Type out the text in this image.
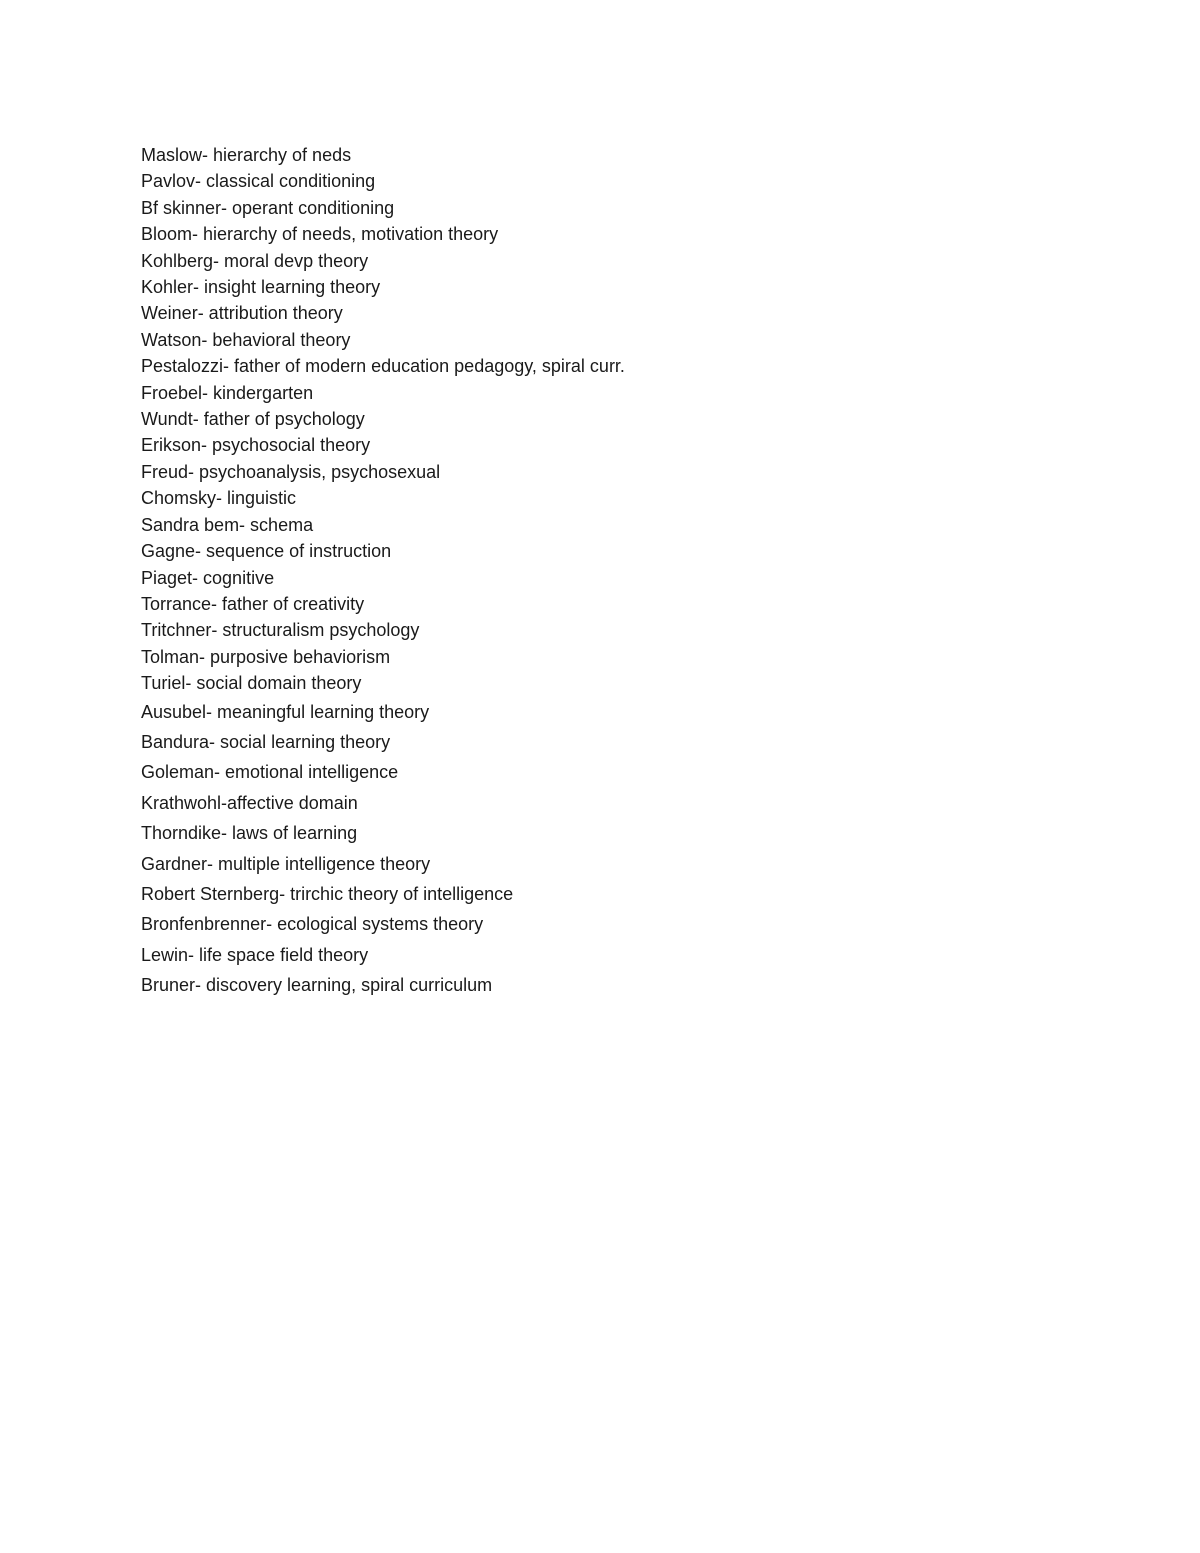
Maslow- hierarchy of neds
Pavlov- classical conditioning
Bf skinner- operant conditioning
Bloom- hierarchy of needs, motivation theory
Kohlberg- moral devp theory
Kohler- insight learning theory
Weiner- attribution theory
Watson- behavioral theory
Pestalozzi- father of modern education pedagogy, spiral curr.
Froebel- kindergarten
Wundt- father of psychology
Erikson- psychosocial theory
Freud- psychoanalysis, psychosexual
Chomsky- linguistic
Sandra bem- schema
Gagne- sequence of instruction
Piaget- cognitive
Torrance- father of creativity
Tritchner- structuralism psychology
Tolman- purposive behaviorism
Turiel- social domain theory
Ausubel- meaningful learning theory
Bandura- social learning theory
Goleman- emotional intelligence
Krathwohl-affective domain
Thorndike- laws of learning
Gardner- multiple intelligence theory
Robert Sternberg- trirchic theory of intelligence
Bronfenbrenner- ecological systems theory
Lewin- life space field theory
Bruner- discovery learning, spiral curriculum
